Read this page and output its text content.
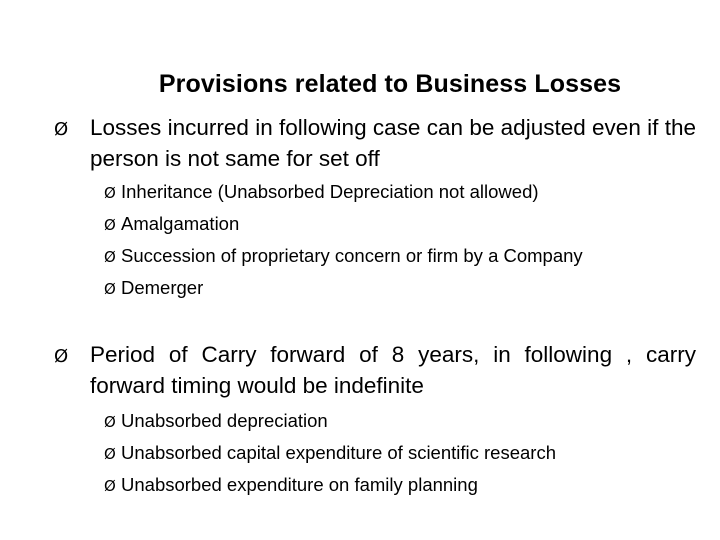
Provisions related to Business Losses
Ø Losses incurred in following case can be adjusted even if the person is not same for set off
Ø Inheritance (Unabsorbed Depreciation not allowed)
Ø Amalgamation
Ø Succession of proprietary concern or firm by a Company
Ø Demerger
Ø Period of Carry forward of 8 years, in following , carry forward timing would be indefinite
Ø Unabsorbed depreciation
Ø Unabsorbed capital expenditure of scientific research
Ø Unabsorbed expenditure on family planning
